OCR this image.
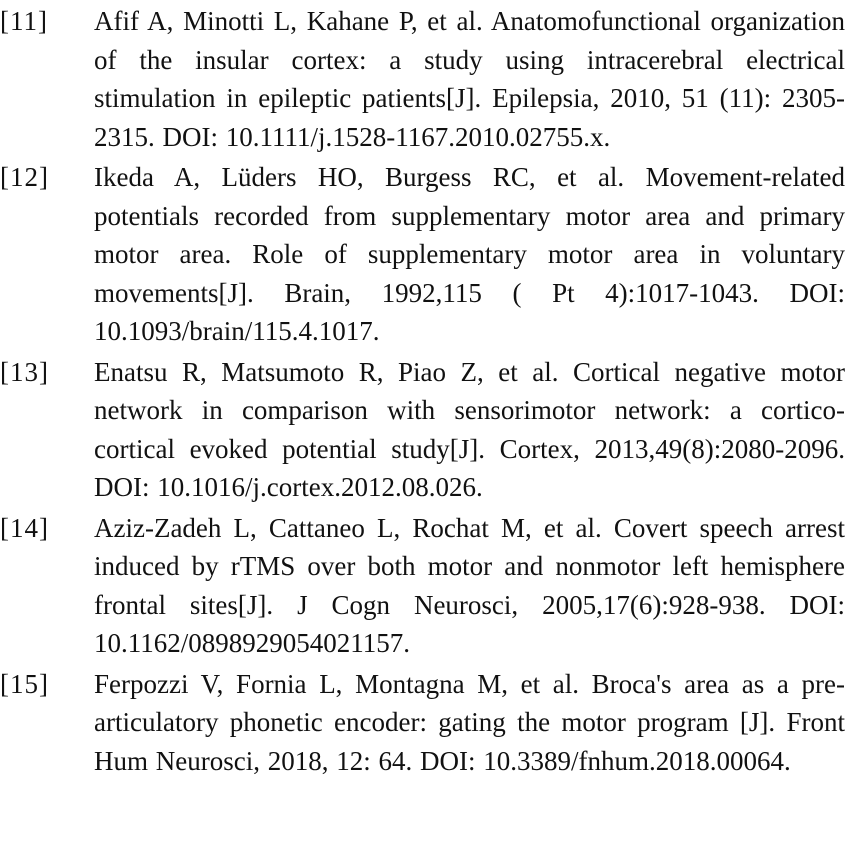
[11]	Afif A, Minotti L, Kahane P, et al. Anatomofunctional organization of the insular cortex: a study using intracerebral electrical stimulation in epileptic patients[J]. Epilepsia, 2010, 51 (11): 2305-2315. DOI: 10.1111/j.1528-1167.2010.02755.x.
[12]	Ikeda A, Lüders HO, Burgess RC, et al. Movement-related potentials recorded from supplementary motor area and primary motor area. Role of supplementary motor area in voluntary movements[J]. Brain, 1992,115 ( Pt 4):1017-1043. DOI: 10.1093/brain/115.4.1017.
[13]	Enatsu R, Matsumoto R, Piao Z, et al. Cortical negative motor network in comparison with sensorimotor network: a cortico-cortical evoked potential study[J]. Cortex, 2013,49(8):2080-2096. DOI: 10.1016/j.cortex.2012.08.026.
[14]	Aziz-Zadeh L, Cattaneo L, Rochat M, et al. Covert speech arrest induced by rTMS over both motor and nonmotor left hemisphere frontal sites[J]. J Cogn Neurosci, 2005,17(6):928-938. DOI: 10.1162/0898929054021157.
[15]	Ferpozzi V, Fornia L, Montagna M, et al. Broca's area as a pre-articulatory phonetic encoder: gating the motor program [J]. Front Hum Neurosci, 2018, 12: 64. DOI: 10.3389/fnhum.2018.00064.
